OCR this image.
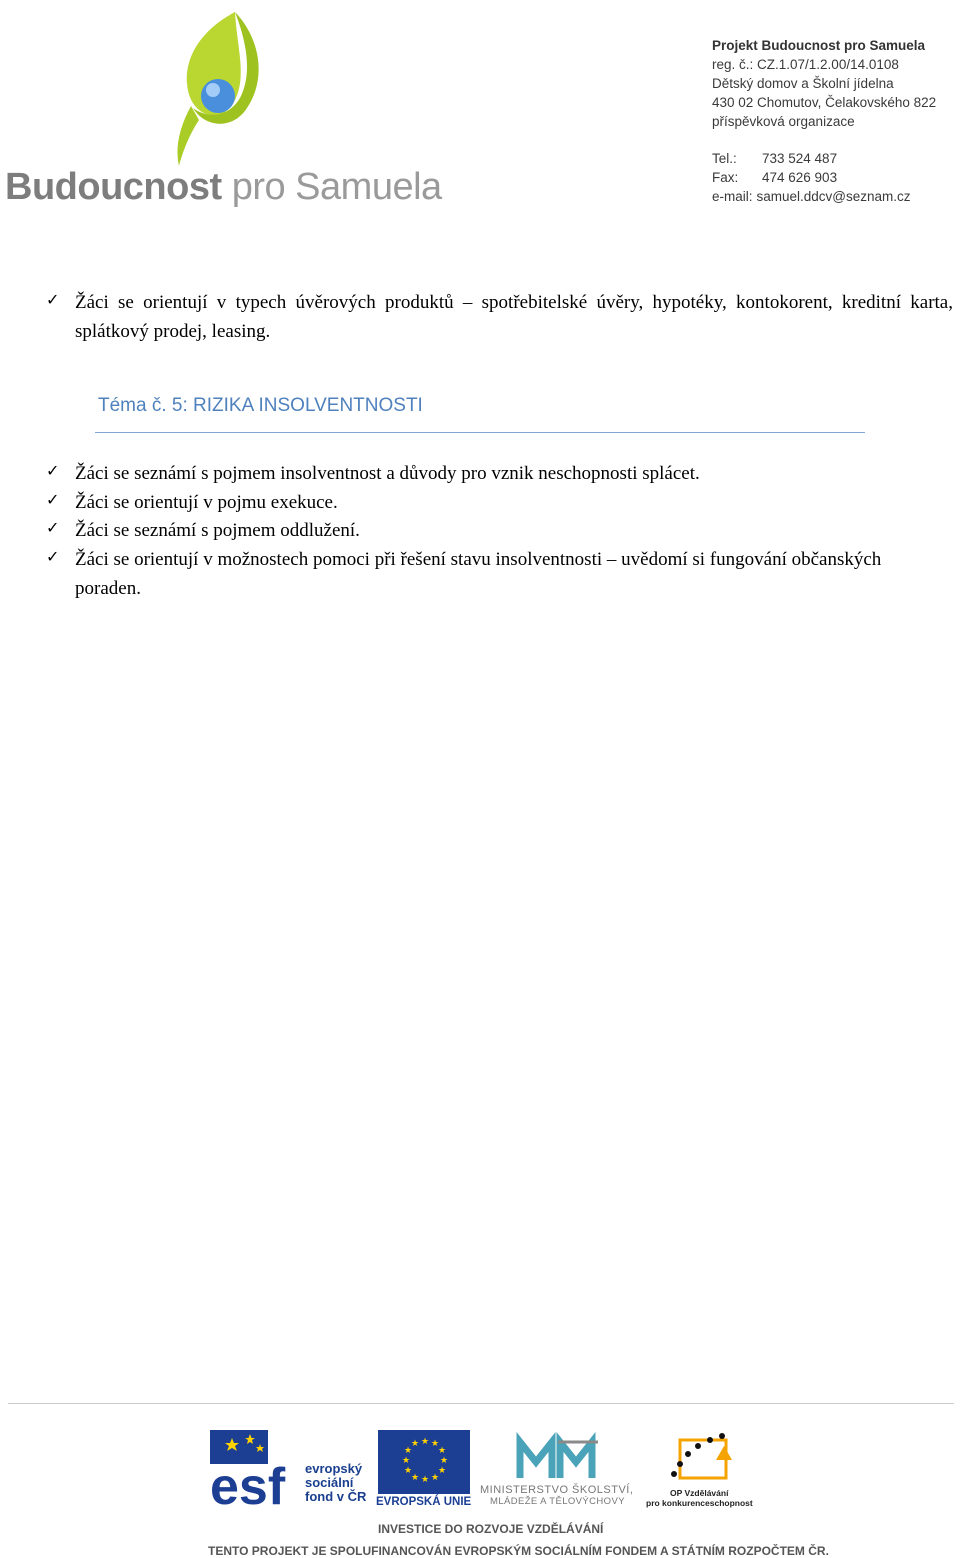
Budoucnost pro Samuela
Projekt Budoucnost pro Samuela
reg. č.: CZ.1.07/1.2.00/14.0108
Dětský domov a Školní jídelna
430 02 Chomutov, Čelakovského 822
příspěvková organizace
Tel.:	733 524 487
Fax:	474 626 903
e-mail: samuel.ddcv@seznam.cz
✓ Žáci se orientují v typech úvěrových produktů – spotřebitelské úvěry, hypotéky, kontokorent, kreditní karta, splátkový prodej, leasing.
Téma č. 5: RIZIKA INSOLVENTNOSTI
✓ Žáci se seznámí s pojmem insolventnost a důvody pro vznik neschopnosti splácet.
✓ Žáci se orientují v pojmu exekuce.
✓ Žáci se seznámí s pojmem oddlužení.
✓ Žáci se orientují v možnostech pomoci při řešení stavu insolventnosti – uvědomí si fungování občanských poraden.
esf evropský
sociální
fond v ČR
★ ★
★
★
★
★
★
★
★
★
★
★
EVROPSKÁ UNIE
MINISTERSTVO ŠKOLSTVÍ,
MLÁDEŽE A TĚLOVÝCHOVY
OP Vzdělávání
pro konkurenceschopnost
INVESTICE DO ROZVOJE VZDĚLÁVÁNÍ
TENTO PROJEKT JE SPOLUFINANCOVÁN EVROPSKÝM SOCIÁLNÍM FONDEM A STÁTNÍM ROZPOČTEM ČR.
